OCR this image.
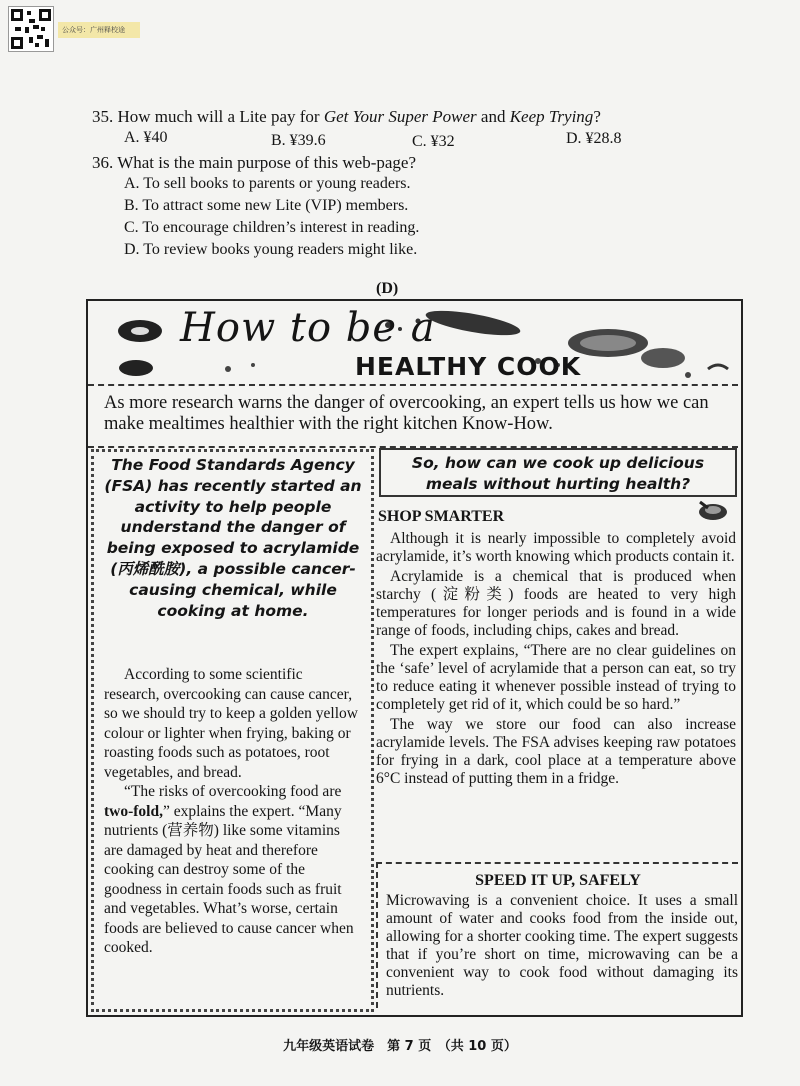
公众号：广州释校途
35. How much will a Lite pay for Get Your Super Power and Keep Trying?
A. ¥40	B. ¥39.6	C. ¥32	D. ¥28.8
36. What is the main purpose of this web-page?
A. To sell books to parents or young readers.
B. To attract some new Lite (VIP) members.
C. To encourage children’s interest in reading.
D. To review books young readers might like.
(D)
How to be a
HEALTHY COOK

As more research warns the danger of overcooking, an expert tells us how we can make mealtimes healthier with the right kitchen Know-How.

The Food Standards Agency (FSA) has recently started an activity to help people understand the danger of being exposed to acrylamide (丙烯酰胺), a possible cancer-causing chemical, while cooking at home.

According to some scientific research, overcooking can cause cancer, so we should try to keep a golden yellow colour or lighter when frying, baking or roasting foods such as potatoes, root vegetables, and bread.

“The risks of overcooking food are two-fold,” explains the expert. “Many nutrients (营养物) like some vitamins are damaged by heat and therefore cooking can destroy some of the goodness in certain foods such as fruit and vegetables. What’s worse, certain foods are believed to cause cancer when cooked.

So, how can we cook up delicious meals without hurting health?
SHOP SMARTER

Although it is nearly impossible to completely avoid acrylamide, it’s worth knowing which products contain it.

Acrylamide is a chemical that is produced when starchy (淀粉类) foods are heated to very high temperatures for longer periods and is found in a wide range of foods, including chips, cakes and bread.

The expert explains, “There are no clear guidelines on the ‘safe’ level of acrylamide that a person can eat, so try to reduce eating it whenever possible instead of trying to completely get rid of it, which could be so hard.”

The way we store our food can also increase acrylamide levels. The FSA advises keeping raw potatoes for frying in a dark, cool place at a temperature above 6°C instead of putting them in a fridge.

SPEED IT UP, SAFELY

Microwaving is a convenient choice. It uses a small amount of water and cooks food from the inside out, allowing for a shorter cooking time. The expert suggests that if you’re short on time, microwaving can be a convenient way to cook food without damaging its nutrients.

九年级英语试卷　第 7 页　（共 10 页）
